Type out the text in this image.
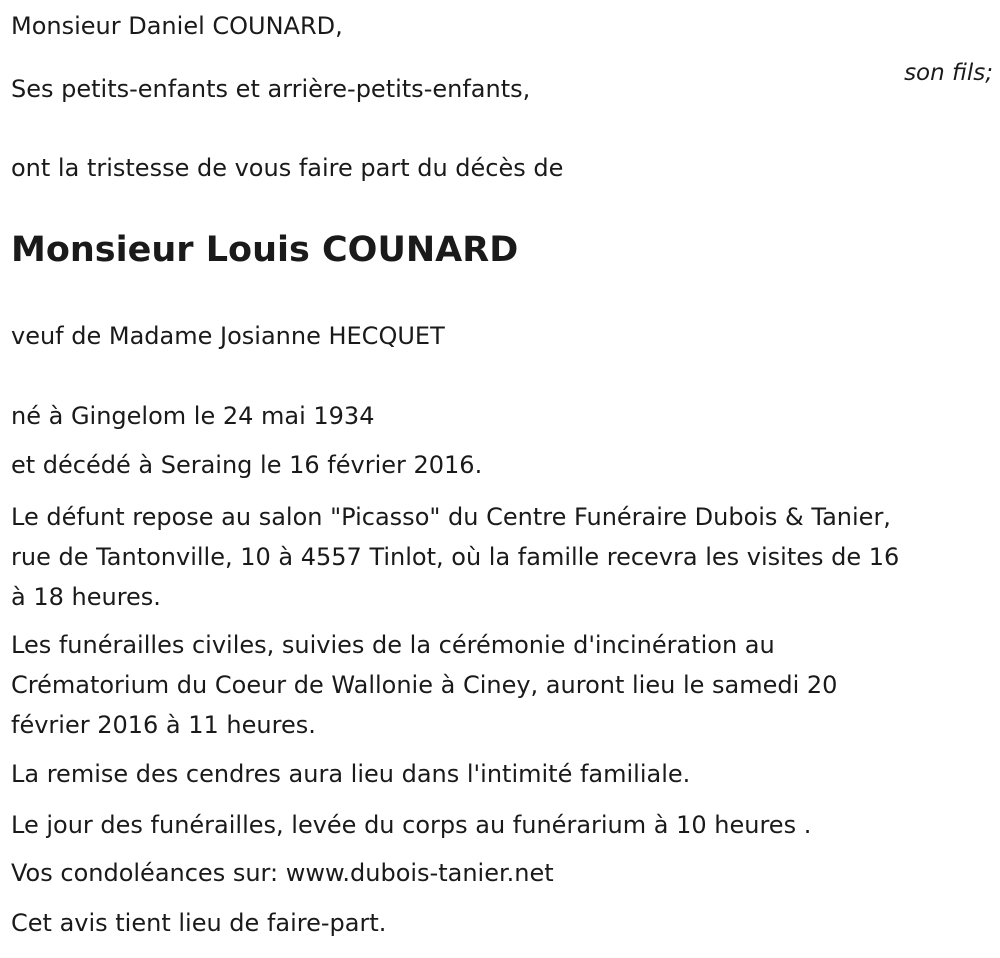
Monsieur Daniel COUNARD,

son fils;

Ses petits-enfants et arrière-petits-enfants,

ont la tristesse de vous faire part du décès de

Monsieur Louis COUNARD

veuf de Madame Josianne HECQUET

né à Gingelom le 24 mai 1934

et décédé à Seraing le 16 février 2016.

Le défunt repose au salon "Picasso" du Centre Funéraire Dubois & Tanier,
rue de Tantonville, 10 à 4557 Tinlot, où la famille recevra les visites de 16
à 18 heures.
Les funérailles civiles, suivies de la cérémonie d'incinération au
Crématorium du Coeur de Wallonie à Ciney, auront lieu le samedi 20
février 2016 à 11 heures.

La remise des cendres aura lieu dans l'intimité familiale.

Le jour des funérailles, levée du corps au funérarium à 10 heures .

Vos condoléances sur: www.dubois-tanier.net

Cet avis tient lieu de faire-part.
